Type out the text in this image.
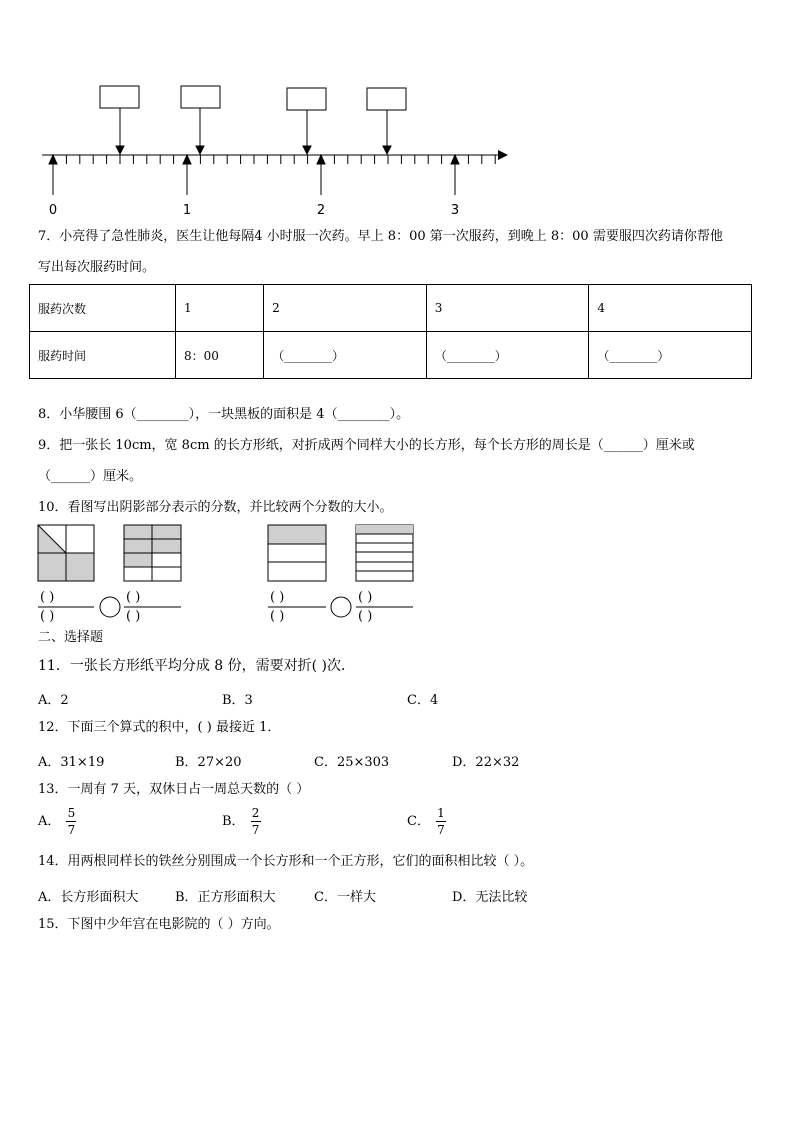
0	1	2	3
7．小亮得了急性肺炎，医生让他每隔4 小时服一次药。早上 8：00 第一次服药，到晚上 8：00 需要服四次药请你帮他
写出每次服药时间。
服药次数	1	2	3	4
服药时间	8：00	（________）	（________）	（________）
8．小华腰围 6（________），一块黑板的面积是 4（________）。
9．把一张长 10cm，宽 8cm 的长方形纸，对折成两个同样大小的长方形，每个长方形的周长是（______）厘米或
（______）厘米。
10．看图写出阴影部分表示的分数，并比较两个分数的大小。
( )
( )
( )
( )
( )
( )
( )
( )
二、选择题
11．一张长方形纸平均分成 8 份，需要对折( )次．
A．2	B．3	C．4
12．下面三个算式的积中，( ) 最接近 1．
A．31×19	B．27×20	C．25×303	D．22×32
13．一周有 7 天，双休日占一周总天数的（ ）
A． $\frac{5}{7}$	B． $\frac{2}{7}$	C． $\frac{1}{7}$
14．用两根同样长的铁丝分别围成一个长方形和一个正方形，它们的面积相比较（ ）。
A．长方形面积大	B．正方形面积大	C．一样大	D．无法比较
15．下图中少年宫在电影院的（ ）方向。
